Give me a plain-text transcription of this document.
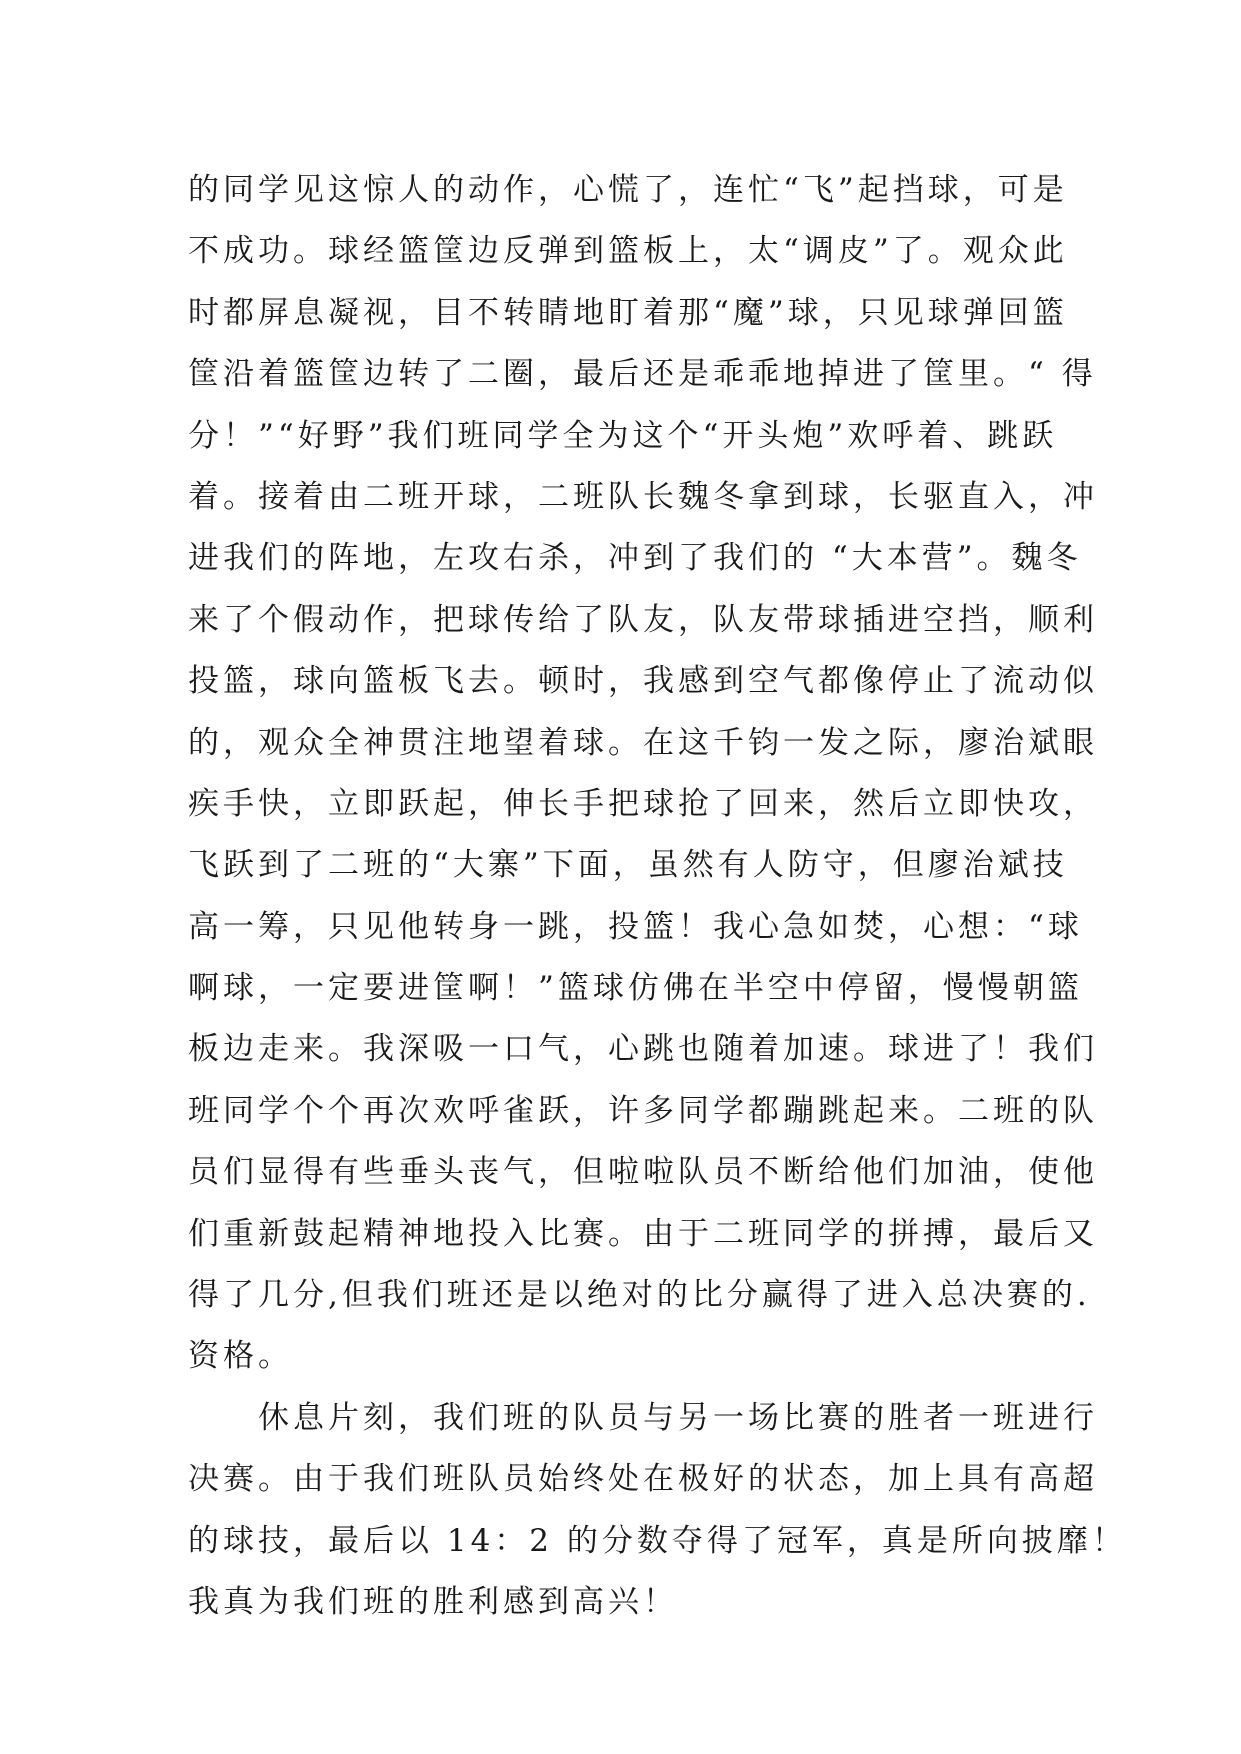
的同学见这惊人的动作，心慌了，连忙“飞”起挡球，可是
不成功。球经篮筐边反弹到篮板上，太“调皮”了。观众此
时都屏息凝视，目不转睛地盯着那“魔”球，只见球弹回篮
筐沿着篮筐边转了二圈，最后还是乖乖地掉进了筐里。“ 得
分！”“好野”我们班同学全为这个“开头炮”欢呼着、跳跃
着。接着由二班开球，二班队长魏冬拿到球，长驱直入，冲
进我们的阵地，左攻右杀，冲到了我们的 “大本营”。魏冬
来了个假动作，把球传给了队友，队友带球插进空挡，顺利
投篮，球向篮板飞去。顿时，我感到空气都像停止了流动似
的，观众全神贯注地望着球。在这千钧一发之际，廖治斌眼
疾手快，立即跃起，伸长手把球抢了回来，然后立即快攻，
飞跃到了二班的“大寨”下面，虽然有人防守，但廖治斌技
高一筹，只见他转身一跳，投篮！我心急如焚，心想：“球
啊球，一定要进筐啊！”篮球仿佛在半空中停留，慢慢朝篮
板边走来。我深吸一口气，心跳也随着加速。球进了！我们
班同学个个再次欢呼雀跃，许多同学都蹦跳起来。二班的队
员们显得有些垂头丧气，但啦啦队员不断给他们加油，使他
们重新鼓起精神地投入比赛。由于二班同学的拼搏，最后又
得了几分,但我们班还是以绝对的比分赢得了进入总决赛的.
资格。
　　休息片刻，我们班的队员与另一场比赛的胜者一班进行
决赛。由于我们班队员始终处在极好的状态，加上具有高超
的球技，最后以 14：2 的分数夺得了冠军，真是所向披靡！
我真为我们班的胜利感到高兴！
